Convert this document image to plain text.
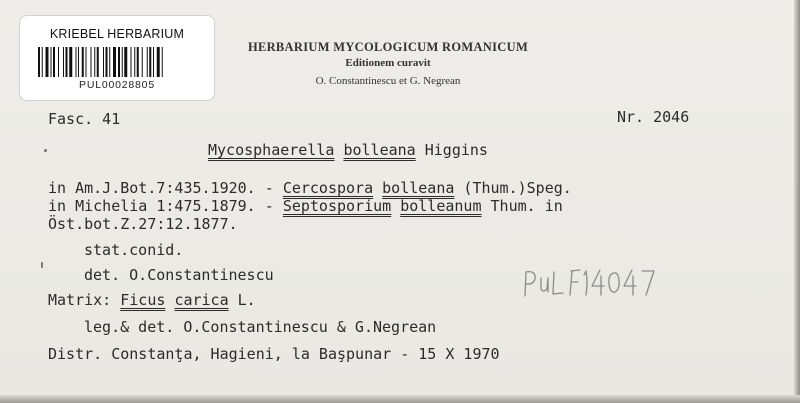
KRIEBEL HERBARIUM
PUL00028805
HERBARIUM MYCOLOGICUM ROMANICUM
Editionem curavit
O. Constantinescu et G. Negrean
Fasc. 41	Nr. 2046
Mycosphaerella bolleana Higgins
in Am.J.Bot.7:435.1920. - Cercospora bolleana (Thum.)Speg.
in Michelia 1:475.1879. - Septosporium bolleanum Thum. in
Öst.bot.Z.27:12.1877.
stat.conid.
det. O.Constantinescu
Matrix: Ficus carica L.
leg.& det. O.Constantinescu & G.Negrean
Distr. Constanţa, Hagieni, la Başpunar - 15 X 1970
